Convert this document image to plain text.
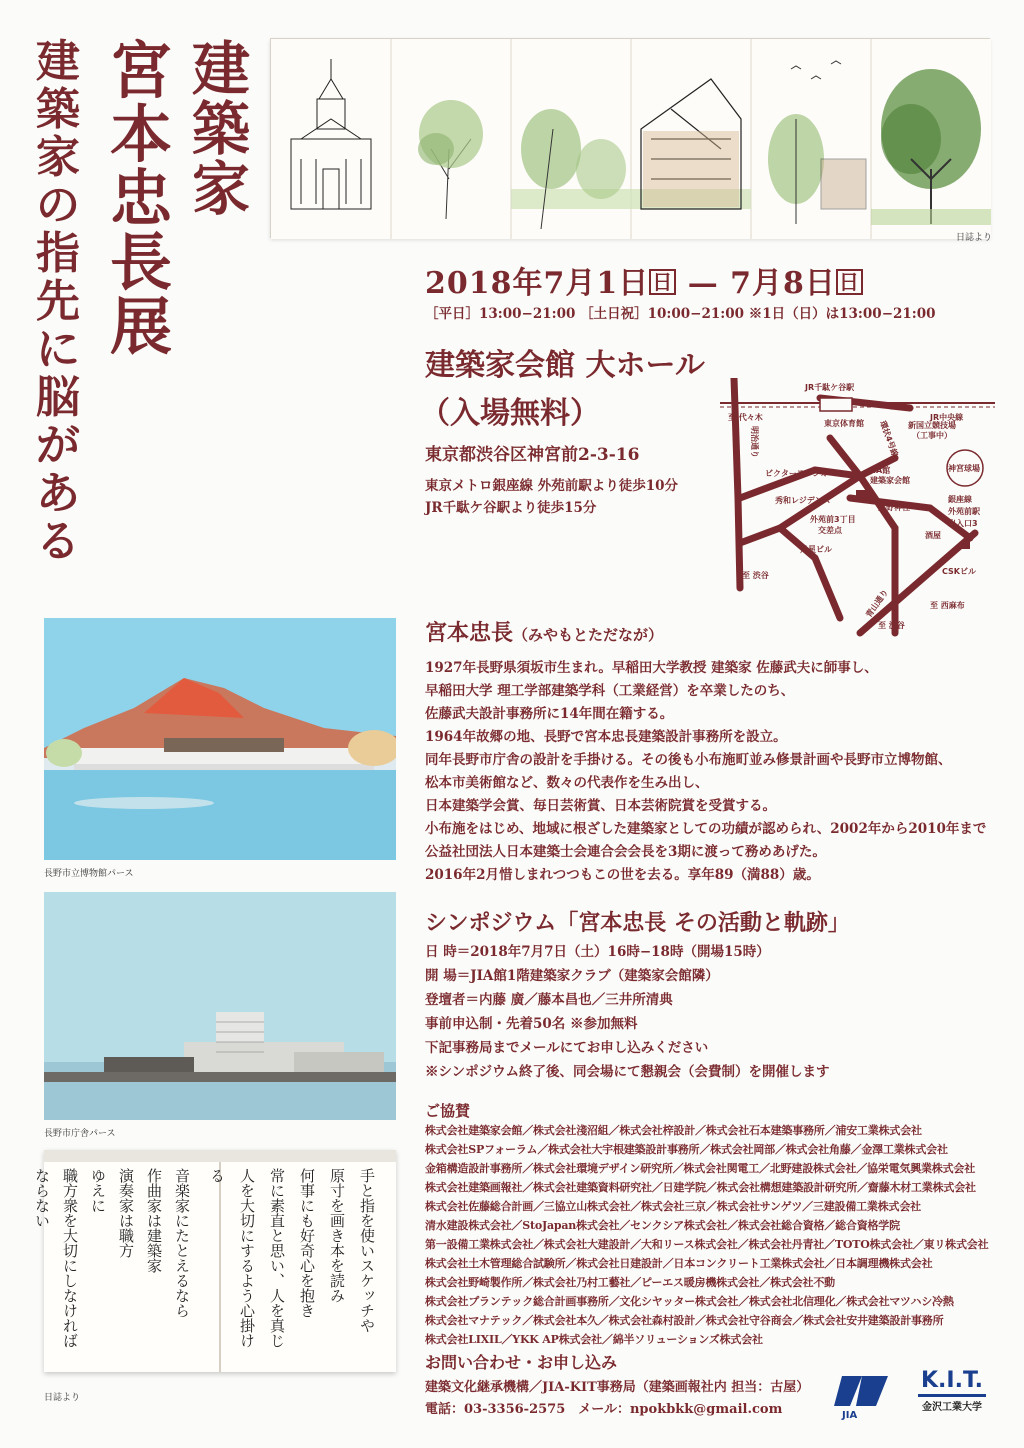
建
築
家
宮
本
忠
長
展
建
築
家
の
指
先
に
脳
が
あ
る
日誌より
2018年7月1日 日 — 7月8日 日
［平日］13:00−21:00 ［土日祝］10:00−21:00 ※1日（日）は13:00−21:00
建築家会館 大ホール
（入場無料）
東京都渋谷区神宮前2-3-16
東京メトロ銀座線 外苑前駅より徒歩10分
JR千駄ケ谷駅より徒歩15分
JR千駄ケ谷駅
至 代々木	JR中央線
東京体育館 環状4号線 新国立競技場
（工事中）
明治通り
ビクタースタジオ	JIA館
建築家会館
神宮球場
秀和レジデンス
熊野神社
銀座線
外苑前駅
出入口3
外苑前3丁目
交差点
酒屋
月星ビル
至 渋谷
青山通り
CSKビル
至 西麻布
至 渋谷
長野市立博物館パース
長野市庁舎パース
音楽家にたとえるなら
作曲家は建築家
演奏家は職方
ゆえに
職方衆を大切にしなければならない	手と指を使いスケッチや
原寸を画き本を読み
何事にも好奇心を抱き
常に素直と思い、人を真じ
人を大切にするよう心掛ける
日誌より
宮本忠長（みやもとただなが）
1927年長野県須坂市生まれ。早稲田大学教授 建築家 佐藤武夫に師事し、
早稲田大学 理工学部建築学科（工業経営）を卒業したのち、
佐藤武夫設計事務所に14年間在籍する。
1964年故郷の地、長野で宮本忠長建築設計事務所を設立。
同年長野市庁舎の設計を手掛ける。その後も小布施町並み修景計画や長野市立博物館、
松本市美術館など、数々の代表作を生み出し、
日本建築学会賞、毎日芸術賞、日本芸術院賞を受賞する。
小布施をはじめ、地域に根ざした建築家としての功績が認められ、2002年から2010年まで
公益社団法人日本建築士会連合会会長を3期に渡って務めあげた。
2016年2月惜しまれつつもこの世を去る。享年89（満88）歳。
シンポジウム「宮本忠長 その活動と軌跡」
日 時＝2018年7月7日（土）16時−18時（開場15時）
開 場＝JIA館1階建築家クラブ（建築家会館隣）
登壇者＝内藤 廣／藤本昌也／三井所清典
事前申込制・先着50名 ※参加無料
下記事務局までメールにてお申し込みください
※シンポジウム終了後、同会場にて懇親会（会費制）を開催します
ご協賛
株式会社建築家会館／株式会社淺沼組／株式会社梓設計／株式会社石本建築事務所／浦安工業株式会社
株式会社SPフォーラム／株式会社大宇根建築設計事務所／株式会社岡部／株式会社角藤／金澤工業株式会社
金箱構造設計事務所／株式会社環境デザイン研究所／株式会社関電工／北野建設株式会社／協栄電気興業株式会社
株式会社建築画報社／株式会社建築資料研究社／日建学院／株式会社構想建築設計研究所／齋藤木材工業株式会社
株式会社佐藤総合計画／三協立山株式会社／株式会社三京／株式会社サンゲツ／三建設備工業株式会社
清水建設株式会社／StoJapan株式会社／センクシア株式会社／株式会社総合資格／総合資格学院
第一設備工業株式会社／株式会社大建設計／大和リース株式会社／株式会社丹青社／TOTO株式会社／東リ株式会社
株式会社土木管理総合試験所／株式会社日建設計／日本コンクリート工業株式会社／日本調理機株式会社
株式会社野崎製作所／株式会社乃村工藝社／ピーエス暖房機株式会社／株式会社不動
株式会社プランテック総合計画事務所／文化シヤッター株式会社／株式会社北信理化／株式会社マツハシ冷熱
株式会社マナテック／株式会社本久／株式会社森村設計／株式会社守谷商会／株式会社安井建築設計事務所
株式会社LIXIL／YKK AP株式会社／綿半ソリューションズ株式会社
お問い合わせ・お申し込み
建築文化継承機構／JIA-KIT事務局（建築画報社内 担当：古屋）
電話：03-3356-2575　メール：npokbkk@gmail.com	JIA
K.I.T.
金沢工業大学
